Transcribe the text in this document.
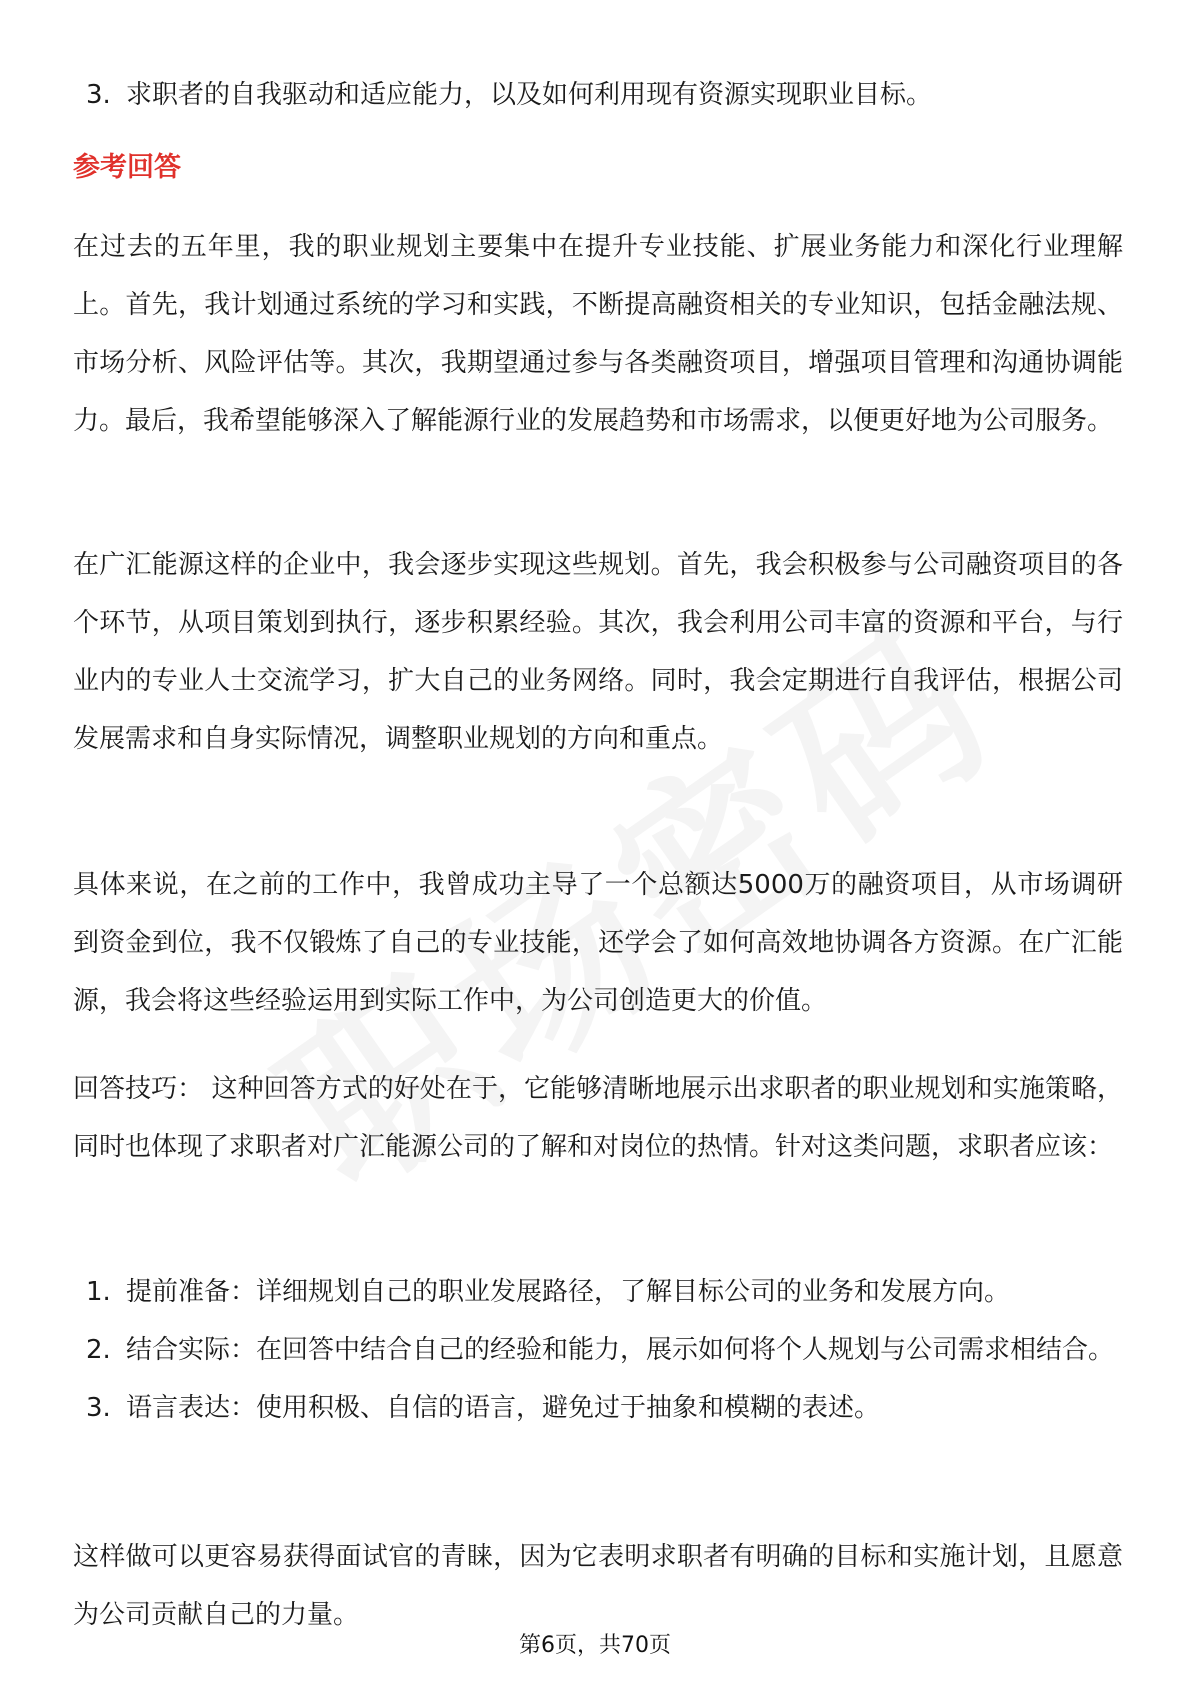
3. 求职者的自我驱动和适应能力，以及如何利用现有资源实现职业目标。
参考回答

在过去的五年里，我的职业规划主要集中在提升专业技能、扩展业务能力和深化行业理解上。首先，我计划通过系统的学习和实践，不断提高融资相关的专业知识，包括金融法规、市场分析、风险评估等。其次，我期望通过参与各类融资项目，增强项目管理和沟通协调能力。最后，我希望能够深入了解能源行业的发展趋势和市场需求，以便更好地为公司服务。

在广汇能源这样的企业中，我会逐步实现这些规划。首先，我会积极参与公司融资项目的各个环节，从项目策划到执行，逐步积累经验。其次，我会利用公司丰富的资源和平台，与行业内的专业人士交流学习，扩大自己的业务网络。同时，我会定期进行自我评估，根据公司发展需求和自身实际情况，调整职业规划的方向和重点。

具体来说，在之前的工作中，我曾成功主导了一个总额达5000万的融资项目，从市场调研到资金到位，我不仅锻炼了自己的专业技能，还学会了如何高效地协调各方资源。在广汇能源，我会将这些经验运用到实际工作中，为公司创造更大的价值。

回答技巧： 这种回答方式的好处在于，它能够清晰地展示出求职者的职业规划和实施策略，同时也体现了求职者对广汇能源公司的了解和对岗位的热情。针对这类问题，求职者应该：

1. 提前准备：详细规划自己的职业发展路径，了解目标公司的业务和发展方向。
2. 结合实际：在回答中结合自己的经验和能力，展示如何将个人规划与公司需求相结合。
3. 语言表达：使用积极、自信的语言，避免过于抽象和模糊的表述。

这样做可以更容易获得面试官的青睐，因为它表明求职者有明确的目标和实施计划，且愿意为公司贡献自己的力量。

第6页，共70页
